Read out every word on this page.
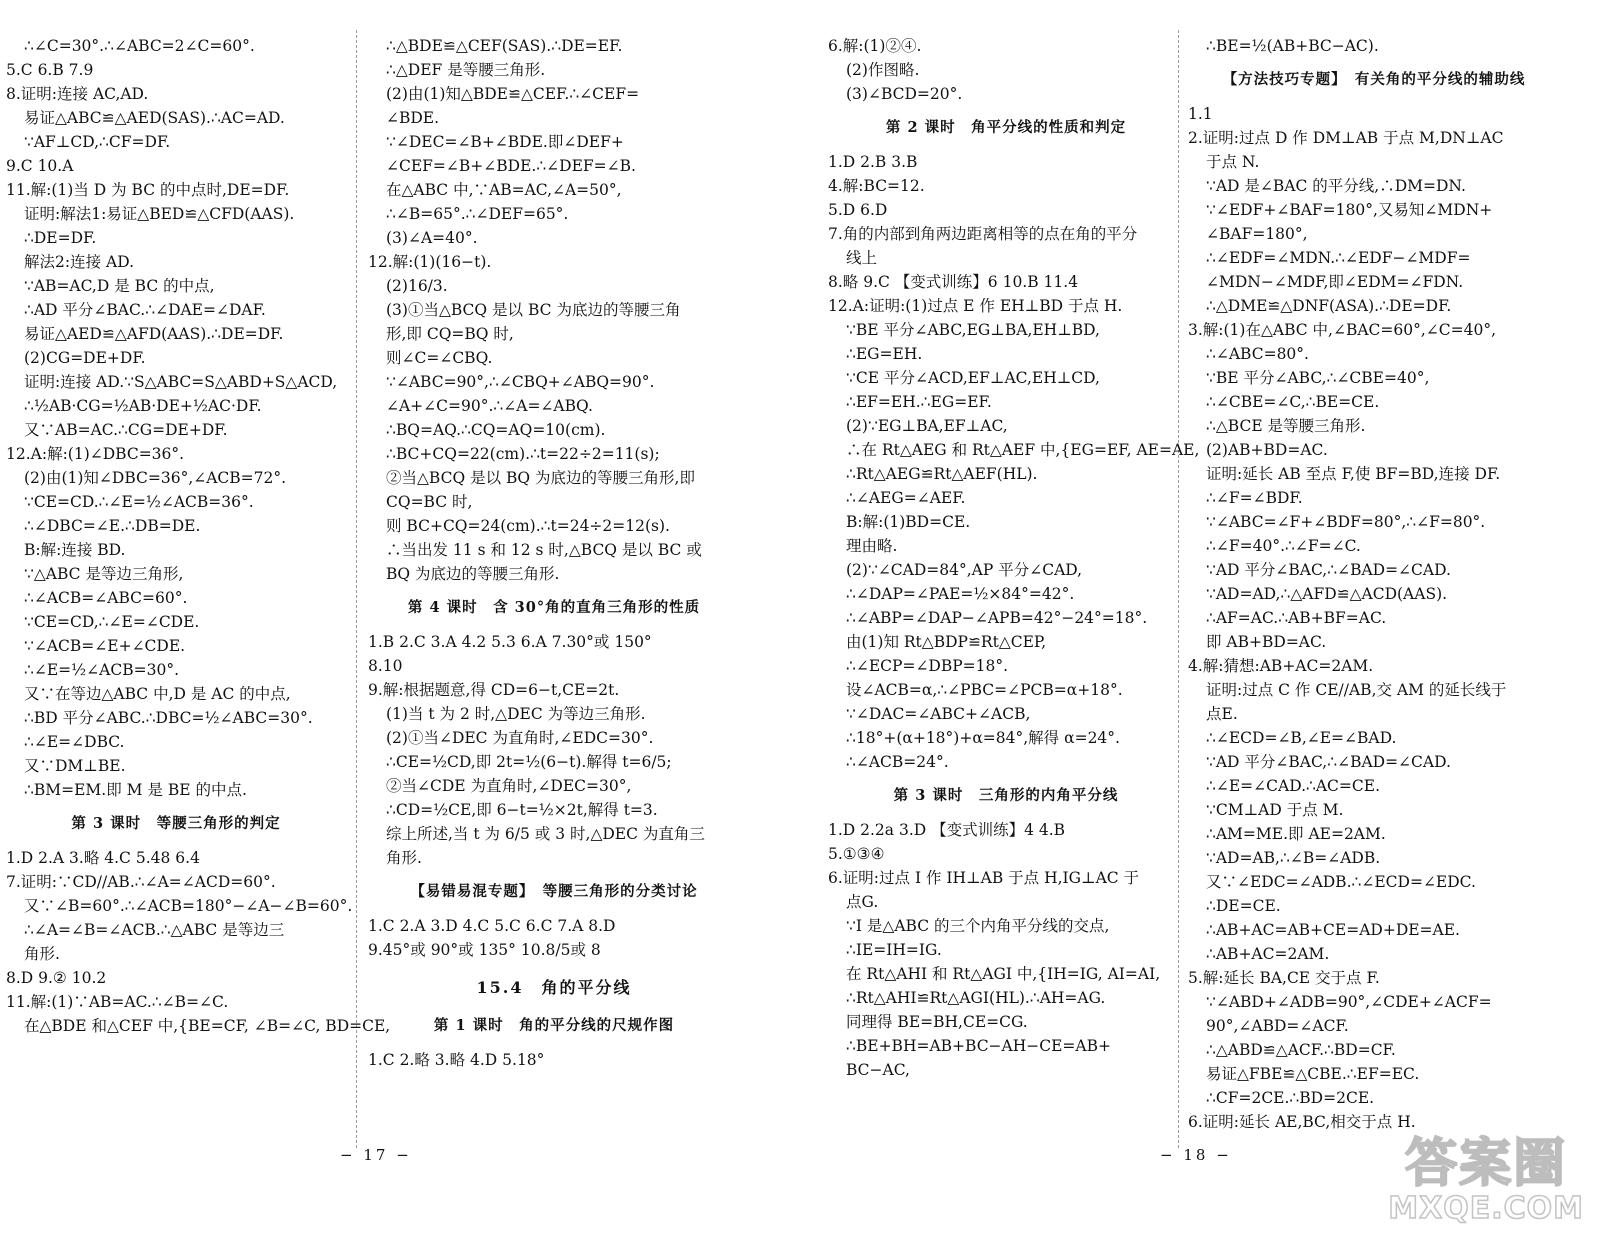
∴∠C=30°.∴∠ABC=2∠C=60°.
5.C 6.B 7.9
8.证明:连接 AC,AD.
易证△ABC≌△AED(SAS).∴AC=AD.
∵AF⊥CD,∴CF=DF.
9.C 10.A
11.解:(1)当 D 为 BC 的中点时,DE=DF.
证明:解法1:易证△BED≌△CFD(AAS).
∴DE=DF.
解法2:连接 AD.
∵AB=AC,D 是 BC 的中点,
∴AD 平分∠BAC.∴∠DAE=∠DAF.
易证△AED≌△AFD(AAS).∴DE=DF.
(2)CG=DE+DF.
证明:连接 AD.∵S△ABC=S△ABD+S△ACD,
∴½AB·CG=½AB·DE+½AC·DF.
又∵AB=AC.∴CG=DE+DF.
12.A:解:(1)∠DBC=36°.
(2)由(1)知∠DBC=36°,∠ACB=72°.
∵CE=CD.∴∠E=½∠ACB=36°.
∴∠DBC=∠E.∴DB=DE.
B:解:连接 BD.
∵△ABC 是等边三角形,
∴∠ACB=∠ABC=60°.
∵CE=CD,∴∠E=∠CDE.
∵∠ACB=∠E+∠CDE.
∴∠E=½∠ACB=30°.
又∵在等边△ABC 中,D 是 AC 的中点,
∴BD 平分∠ABC.∴DBC=½∠ABC=30°.
∴∠E=∠DBC.
又∵DM⊥BE.
∴BM=EM.即 M 是 BE 的中点.
第 3 课时　等腰三角形的判定
1.D 2.A 3.略 4.C 5.48 6.4
7.证明:∵CD//AB.∴∠A=∠ACD=60°.
又∵∠B=60°.∴∠ACB=180°−∠A−∠B=60°.
∴∠A=∠B=∠ACB.∴△ABC 是等边三
角形.
8.D 9.② 10.2
11.解:(1)∵AB=AC.∴∠B=∠C.
在△BDE 和△CEF 中,{BE=CF, ∠B=∠C, BD=CE,
∴△BDE≌△CEF(SAS).∴DE=EF.
∴△DEF 是等腰三角形.
(2)由(1)知△BDE≌△CEF.∴∠CEF=
∠BDE.
∵∠DEC=∠B+∠BDE.即∠DEF+
∠CEF=∠B+∠BDE.∴∠DEF=∠B.
在△ABC 中,∵AB=AC,∠A=50°,
∴∠B=65°.∴∠DEF=65°.
(3)∠A=40°.
12.解:(1)(16−t).
(2)16/3.
(3)①当△BCQ 是以 BC 为底边的等腰三角
形,即 CQ=BQ 时,
则∠C=∠CBQ.
∵∠ABC=90°,∴∠CBQ+∠ABQ=90°.
∠A+∠C=90°.∴∠A=∠ABQ.
∴BQ=AQ.∴CQ=AQ=10(cm).
∴BC+CQ=22(cm).∴t=22÷2=11(s);
②当△BCQ 是以 BQ 为底边的等腰三角形,即
CQ=BC 时,
则 BC+CQ=24(cm).∴t=24÷2=12(s).
∴当出发 11 s 和 12 s 时,△BCQ 是以 BC 或
BQ 为底边的等腰三角形.
第 4 课时　含 30°角的直角三角形的性质
1.B 2.C 3.A 4.2 5.3 6.A 7.30°或 150°
8.10
9.解:根据题意,得 CD=6−t,CE=2t.
(1)当 t 为 2 时,△DEC 为等边三角形.
(2)①当∠DEC 为直角时,∠EDC=30°.
∴CE=½CD,即 2t=½(6−t).解得 t=6/5;
②当∠CDE 为直角时,∠DEC=30°,
∴CD=½CE,即 6−t=½×2t,解得 t=3.
综上所述,当 t 为 6/5 或 3 时,△DEC 为直角三
角形.
【易错易混专题】　等腰三角形的分类讨论
1.C 2.A 3.D 4.C 5.C 6.C 7.A 8.D
9.45°或 90°或 135° 10.8/5或 8
15.4　角的平分线
第 1 课时　角的平分线的尺规作图
1.C 2.略 3.略 4.D 5.18°
6.解:(1)②④.
(2)作图略.
(3)∠BCD=20°.
第 2 课时　角平分线的性质和判定
1.D 2.B 3.B
4.解:BC=12.
5.D 6.D
7.角的内部到角两边距离相等的点在角的平分
线上
8.略 9.C 【变式训练】6 10.B 11.4
12.A:证明:(1)过点 E 作 EH⊥BD 于点 H.
∵BE 平分∠ABC,EG⊥BA,EH⊥BD,
∴EG=EH.
∵CE 平分∠ACD,EF⊥AC,EH⊥CD,
∴EF=EH.∴EG=EF.
(2)∵EG⊥BA,EF⊥AC,
∴在 Rt△AEG 和 Rt△AEF 中,{EG=EF, AE=AE,
∴Rt△AEG≌Rt△AEF(HL).
∴∠AEG=∠AEF.
B:解:(1)BD=CE.
理由略.
(2)∵∠CAD=84°,AP 平分∠CAD,
∴∠DAP=∠PAE=½×84°=42°.
∴∠ABP=∠DAP−∠APB=42°−24°=18°.
由(1)知 Rt△BDP≌Rt△CEP,
∴∠ECP=∠DBP=18°.
设∠ACB=α,∴∠PBC=∠PCB=α+18°.
∵∠DAC=∠ABC+∠ACB,
∴18°+(α+18°)+α=84°,解得 α=24°.
∴∠ACB=24°.
第 3 课时　三角形的内角平分线
1.D 2.2a 3.D 【变式训练】4 4.B
5.①③④
6.证明:过点 I 作 IH⊥AB 于点 H,IG⊥AC 于
点G.
∵I 是△ABC 的三个内角平分线的交点,
∴IE=IH=IG.
在 Rt△AHI 和 Rt△AGI 中,{IH=IG, AI=AI,
∴Rt△AHI≌Rt△AGI(HL).∴AH=AG.
同理得 BE=BH,CE=CG.
∴BE+BH=AB+BC−AH−CE=AB+
BC−AC,
∴BE=½(AB+BC−AC).
【方法技巧专题】　有关角的平分线的辅助线
1.1
2.证明:过点 D 作 DM⊥AB 于点 M,DN⊥AC
于点 N.
∵AD 是∠BAC 的平分线,∴DM=DN.
∵∠EDF+∠BAF=180°,又易知∠MDN+
∠BAF=180°,
∴∠EDF=∠MDN.∴∠EDF−∠MDF=
∠MDN−∠MDF,即∠EDM=∠FDN.
∴△DME≌△DNF(ASA).∴DE=DF.
3.解:(1)在△ABC 中,∠BAC=60°,∠C=40°,
∴∠ABC=80°.
∵BE 平分∠ABC,∴∠CBE=40°,
∴∠CBE=∠C,∴BE=CE.
∴△BCE 是等腰三角形.
(2)AB+BD=AC.
证明:延长 AB 至点 F,使 BF=BD,连接 DF.
∴∠F=∠BDF.
∵∠ABC=∠F+∠BDF=80°,∴∠F=80°.
∴∠F=40°.∴∠F=∠C.
∵AD 平分∠BAC,∴∠BAD=∠CAD.
∵AD=AD,∴△AFD≌△ACD(AAS).
∴AF=AC.∴AB+BF=AC.
即 AB+BD=AC.
4.解:猜想:AB+AC=2AM.
证明:过点 C 作 CE//AB,交 AM 的延长线于
点E.
∴∠ECD=∠B,∠E=∠BAD.
∵AD 平分∠BAC,∴∠BAD=∠CAD.
∴∠E=∠CAD.∴AC=CE.
∵CM⊥AD 于点 M.
∴AM=ME.即 AE=2AM.
∵AD=AB,∴∠B=∠ADB.
又∵∠EDC=∠ADB.∴∠ECD=∠EDC.
∴DE=CE.
∴AB+AC=AB+CE=AD+DE=AE.
∴AB+AC=2AM.
5.解:延长 BA,CE 交于点 F.
∵∠ABD+∠ADB=90°,∠CDE+∠ACF=
90°,∠ABD=∠ACF.
∴△ABD≌△ACF.∴BD=CF.
易证△FBE≌△CBE.∴EF=EC.
∴CF=2CE.∴BD=2CE.
6.证明:延长 AE,BC,相交于点 H.
− 17 −	− 18 −	答案圈
MXQE.COM
